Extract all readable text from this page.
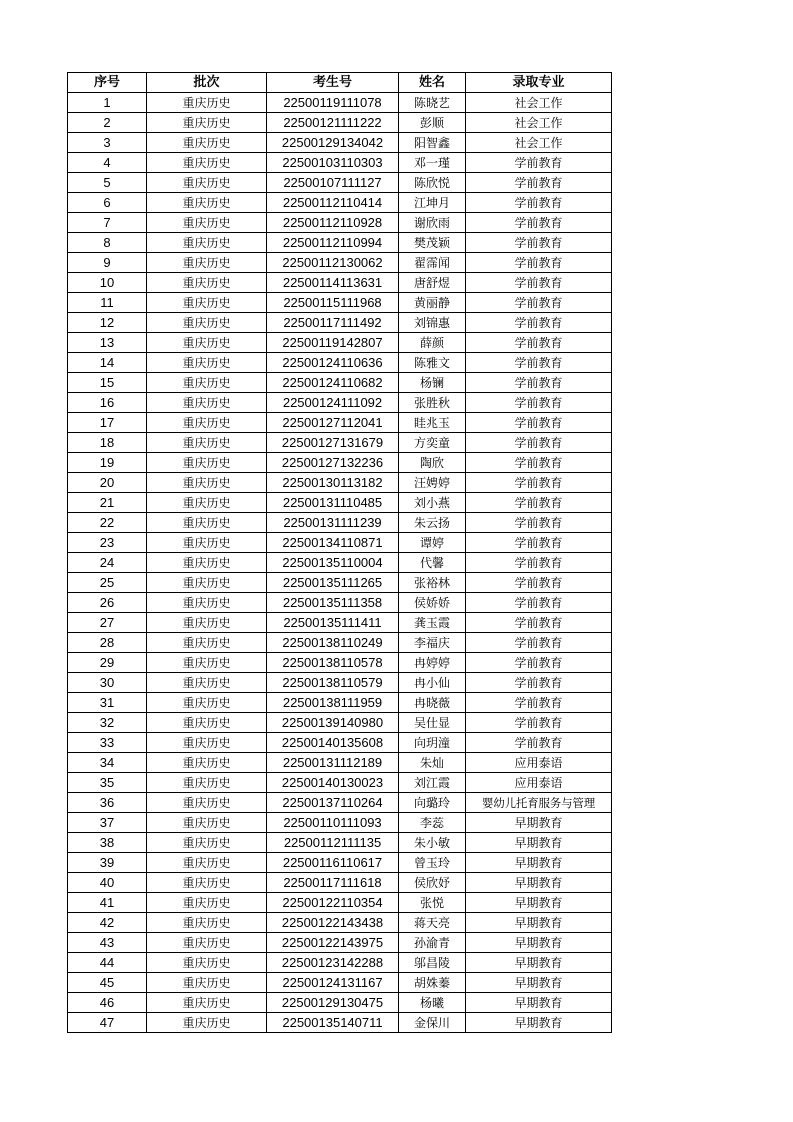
序号	批次	考生号	姓名	录取专业
1	重庆历史	22500119111078	陈晓艺	社会工作
2	重庆历史	22500121111222	彭顺	社会工作
3	重庆历史	22500129134042	阳智鑫	社会工作
4	重庆历史	22500103110303	邓一瑾	学前教育
5	重庆历史	22500107111127	陈欣悦	学前教育
6	重庆历史	22500112110414	江坤月	学前教育
7	重庆历史	22500112110928	谢欣雨	学前教育
8	重庆历史	22500112110994	樊茂颖	学前教育
9	重庆历史	22500112130062	翟霈闻	学前教育
10	重庆历史	22500114113631	唐舒煜	学前教育
11	重庆历史	22500115111968	黄丽静	学前教育
12	重庆历史	22500117111492	刘锦惠	学前教育
13	重庆历史	22500119142807	薛颜	学前教育
14	重庆历史	22500124110636	陈雅文	学前教育
15	重庆历史	22500124110682	杨镧	学前教育
16	重庆历史	22500124111092	张胜秋	学前教育
17	重庆历史	22500127112041	眭兆玉	学前教育
18	重庆历史	22500127131679	方奕童	学前教育
19	重庆历史	22500127132236	陶欣	学前教育
20	重庆历史	22500130113182	汪娉婷	学前教育
21	重庆历史	22500131110485	刘小燕	学前教育
22	重庆历史	22500131111239	朱云扬	学前教育
23	重庆历史	22500134110871	谭婷	学前教育
24	重庆历史	22500135110004	代馨	学前教育
25	重庆历史	22500135111265	张裕林	学前教育
26	重庆历史	22500135111358	侯娇娇	学前教育
27	重庆历史	22500135111411	龚玉霞	学前教育
28	重庆历史	22500138110249	李福庆	学前教育
29	重庆历史	22500138110578	冉婷婷	学前教育
30	重庆历史	22500138110579	冉小仙	学前教育
31	重庆历史	22500138111959	冉晓薇	学前教育
32	重庆历史	22500139140980	吴仕显	学前教育
33	重庆历史	22500140135608	向玥潼	学前教育
34	重庆历史	22500131112189	朱灿	应用泰语
35	重庆历史	22500140130023	刘江霞	应用泰语
36	重庆历史	22500137110264	向璐玲	婴幼儿托育服务与管理
37	重庆历史	22500110111093	李蕊	早期教育
38	重庆历史	22500112111135	朱小敏	早期教育
39	重庆历史	22500116110617	曾玉玲	早期教育
40	重庆历史	22500117111618	侯欣妤	早期教育
41	重庆历史	22500122110354	张悦	早期教育
42	重庆历史	22500122143438	蒋天亮	早期教育
43	重庆历史	22500122143975	孙渝青	早期教育
44	重庆历史	22500123142288	邬昌陵	早期教育
45	重庆历史	22500124131167	胡姝蓁	早期教育
46	重庆历史	22500129130475	杨曦	早期教育
47	重庆历史	22500135140711	金保川	早期教育
